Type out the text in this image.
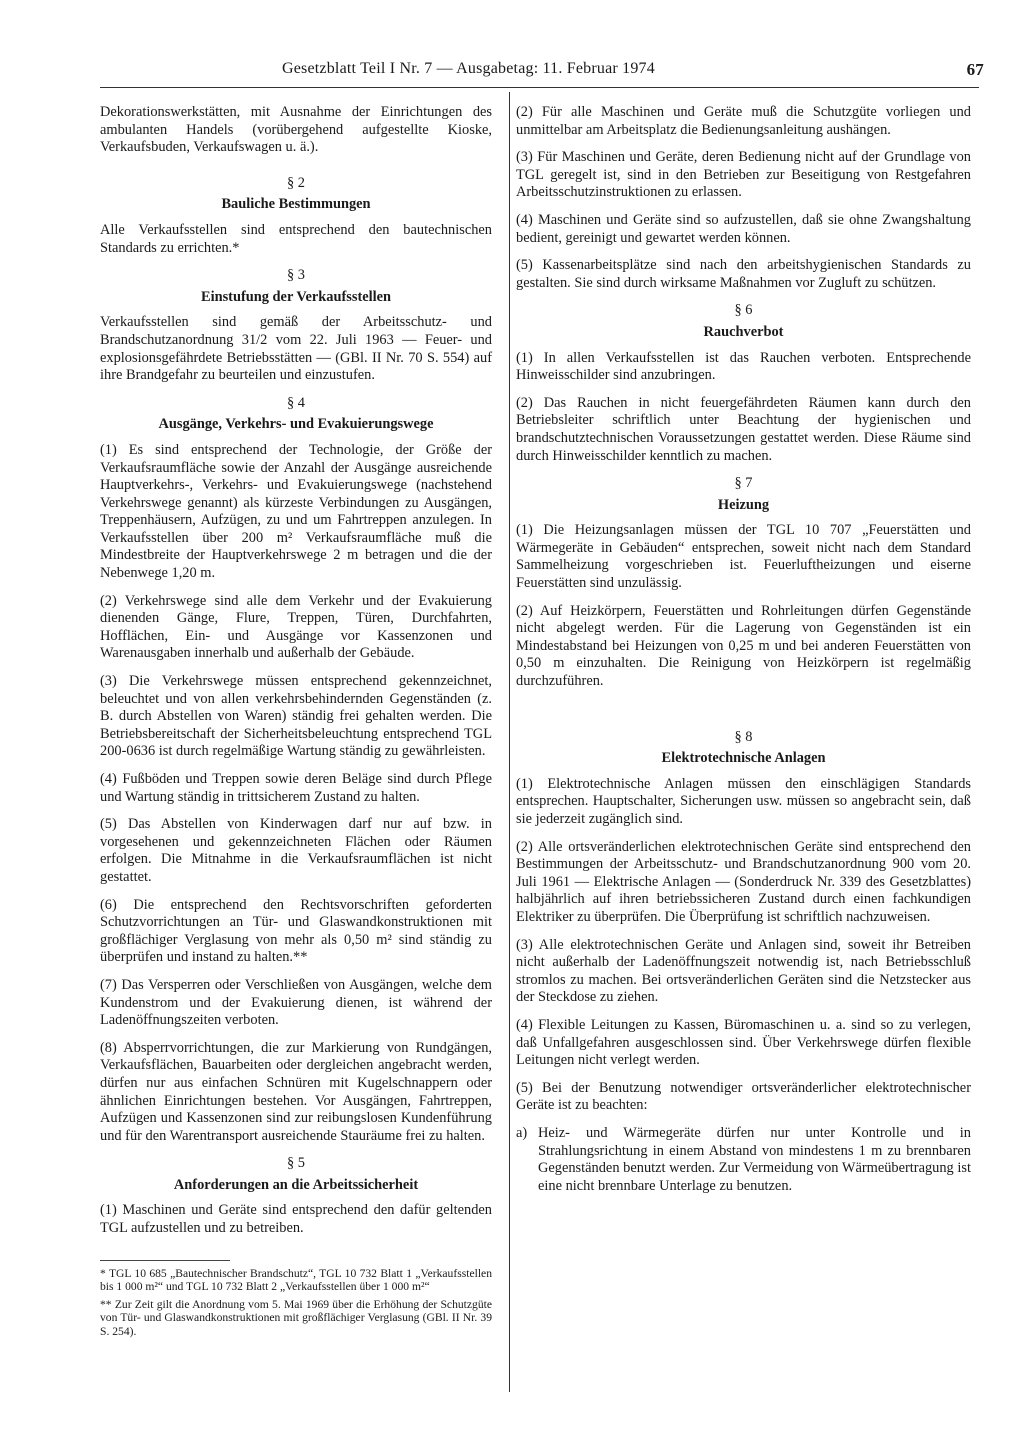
Gesetzblatt Teil I Nr. 7 — Ausgabetag: 11. Februar 1974	67

Dekorationswerkstätten, mit Ausnahme der Einrichtungen des ambulanten Handels (vorübergehend aufgestellte Kioske, Verkaufsbuden, Verkaufswagen u. ä.).

§ 2
Bauliche Bestimmungen

Alle Verkaufsstellen sind entsprechend den bautechnischen Standards zu errichten.*

§ 3
Einstufung der Verkaufsstellen

Verkaufsstellen sind gemäß der Arbeitsschutz- und Brandschutzanordnung 31/2 vom 22. Juli 1963 — Feuer- und explosionsgefährdete Betriebsstätten — (GBl. II Nr. 70 S. 554) auf ihre Brandgefahr zu beurteilen und einzustufen.

§ 4
Ausgänge, Verkehrs- und Evakuierungswege

(1) Es sind entsprechend der Technologie, der Größe der Verkaufsraumfläche sowie der Anzahl der Ausgänge ausreichende Hauptverkehrs-, Verkehrs- und Evakuierungswege (nachstehend Verkehrswege genannt) als kürzeste Verbindungen zu Ausgängen, Treppenhäusern, Aufzügen, zu und um Fahrtreppen anzulegen. In Verkaufsstellen über 200 m² Verkaufsraumfläche muß die Mindestbreite der Hauptverkehrswege 2 m betragen und die der Nebenwege 1,20 m.

(2) Verkehrswege sind alle dem Verkehr und der Evakuierung dienenden Gänge, Flure, Treppen, Türen, Durchfahrten, Hofflächen, Ein- und Ausgänge vor Kassenzonen und Warenausgaben innerhalb und außerhalb der Gebäude.

(3) Die Verkehrswege müssen entsprechend gekennzeichnet, beleuchtet und von allen verkehrsbehindernden Gegenständen (z. B. durch Abstellen von Waren) ständig frei gehalten werden. Die Betriebsbereitschaft der Sicherheitsbeleuchtung entsprechend TGL 200-0636 ist durch regelmäßige Wartung ständig zu gewährleisten.

(4) Fußböden und Treppen sowie deren Beläge sind durch Pflege und Wartung ständig in trittsicherem Zustand zu halten.

(5) Das Abstellen von Kinderwagen darf nur auf bzw. in vorgesehenen und gekennzeichneten Flächen oder Räumen erfolgen. Die Mitnahme in die Verkaufsraumflächen ist nicht gestattet.

(6) Die entsprechend den Rechtsvorschriften geforderten Schutzvorrichtungen an Tür- und Glaswandkonstruktionen mit großflächiger Verglasung von mehr als 0,50 m² sind ständig zu überprüfen und instand zu halten.**

(7) Das Versperren oder Verschließen von Ausgängen, welche dem Kundenstrom und der Evakuierung dienen, ist während der Ladenöffnungszeiten verboten.

(8) Absperrvorrichtungen, die zur Markierung von Rundgängen, Verkaufsflächen, Bauarbeiten oder dergleichen angebracht werden, dürfen nur aus einfachen Schnüren mit Kugelschnappern oder ähnlichen Einrichtungen bestehen. Vor Ausgängen, Fahrtreppen, Aufzügen und Kassenzonen sind zur reibungslosen Kundenführung und für den Warentransport ausreichende Stauräume frei zu halten.

§ 5
Anforderungen an die Arbeitssicherheit

(1) Maschinen und Geräte sind entsprechend den dafür geltenden TGL aufzustellen und zu betreiben.

* TGL 10 685 „Bautechnischer Brandschutz“, TGL 10 732 Blatt 1 „Verkaufsstellen bis 1 000 m²“ und TGL 10 732 Blatt 2 „Verkaufsstellen über 1 000 m²“

** Zur Zeit gilt die Anordnung vom 5. Mai 1969 über die Erhöhung der Schutzgüte von Tür- und Glaswandkonstruktionen mit großflächiger Verglasung (GBl. II Nr. 39 S. 254).

(2) Für alle Maschinen und Geräte muß die Schutzgüte vorliegen und unmittelbar am Arbeitsplatz die Bedienungsanleitung aushängen.

(3) Für Maschinen und Geräte, deren Bedienung nicht auf der Grundlage von TGL geregelt ist, sind in den Betrieben zur Beseitigung von Restgefahren Arbeitsschutzinstruktionen zu erlassen.

(4) Maschinen und Geräte sind so aufzustellen, daß sie ohne Zwangshaltung bedient, gereinigt und gewartet werden können.

(5) Kassenarbeitsplätze sind nach den arbeitshygienischen Standards zu gestalten. Sie sind durch wirksame Maßnahmen vor Zugluft zu schützen.

§ 6
Rauchverbot

(1) In allen Verkaufsstellen ist das Rauchen verboten. Entsprechende Hinweisschilder sind anzubringen.

(2) Das Rauchen in nicht feuergefährdeten Räumen kann durch den Betriebsleiter schriftlich unter Beachtung der hygienischen und brandschutztechnischen Voraussetzungen gestattet werden. Diese Räume sind durch Hinweisschilder kenntlich zu machen.

§ 7
Heizung

(1) Die Heizungsanlagen müssen der TGL 10 707 „Feuerstätten und Wärmegeräte in Gebäuden“ entsprechen, soweit nicht nach dem Standard Sammelheizung vorgeschrieben ist. Feuerluftheizungen und eiserne Feuerstätten sind unzulässig.

(2) Auf Heizkörpern, Feuerstätten und Rohrleitungen dürfen Gegenstände nicht abgelegt werden. Für die Lagerung von Gegenständen ist ein Mindestabstand bei Heizungen von 0,25 m und bei anderen Feuerstätten von 0,50 m einzuhalten. Die Reinigung von Heizkörpern ist regelmäßig durchzuführen.

§ 8
Elektrotechnische Anlagen

(1) Elektrotechnische Anlagen müssen den einschlägigen Standards entsprechen. Hauptschalter, Sicherungen usw. müssen so angebracht sein, daß sie jederzeit zugänglich sind.

(2) Alle ortsveränderlichen elektrotechnischen Geräte sind entsprechend den Bestimmungen der Arbeitsschutz- und Brandschutzanordnung 900 vom 20. Juli 1961 — Elektrische Anlagen — (Sonderdruck Nr. 339 des Gesetzblattes) halbjährlich auf ihren betriebssicheren Zustand durch einen fachkundigen Elektriker zu überprüfen. Die Überprüfung ist schriftlich nachzuweisen.

(3) Alle elektrotechnischen Geräte und Anlagen sind, soweit ihr Betreiben nicht außerhalb der Ladenöffnungszeit notwendig ist, nach Betriebsschluß stromlos zu machen. Bei ortsveränderlichen Geräten sind die Netzstecker aus der Steckdose zu ziehen.

(4) Flexible Leitungen zu Kassen, Büromaschinen u. a. sind so zu verlegen, daß Unfallgefahren ausgeschlossen sind. Über Verkehrswege dürfen flexible Leitungen nicht verlegt werden.

(5) Bei der Benutzung notwendiger ortsveränderlicher elektrotechnischer Geräte ist zu beachten:

a) Heiz- und Wärmegeräte dürfen nur unter Kontrolle und in Strahlungsrichtung in einem Abstand von mindestens 1 m zu brennbaren Gegenständen benutzt werden. Zur Vermeidung von Wärmeübertragung ist eine nicht brennbare Unterlage zu benutzen.
